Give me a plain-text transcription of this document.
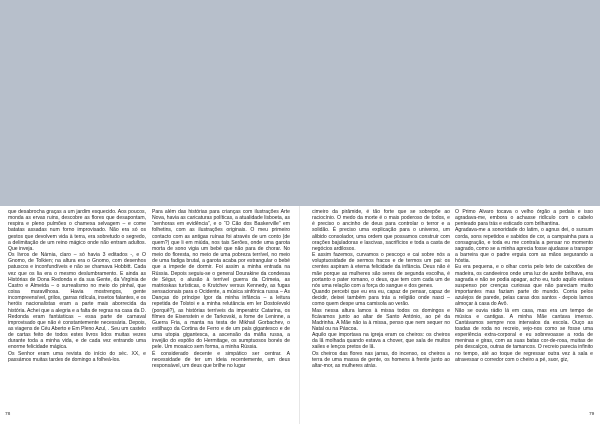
que desabrocha graças a um jardim esquecido. Aos poucos, monda as ervas ruins, descobre as flores que desapontam, respira e pleno pulmões o chamexa selvagem – e come batatas assadas num forno improvisado. Não era só os gestos que devolvem vida à terra, era sobretudo o segredo, a delimitação de um reino mágico onde não entram adultos. Que inveja.

Os livros de Nárnia, claro – só havia 3 editados -, e O Gnomo, de Tolkien; na altura era o Gnomo, com desenhos patuscos e inconfundíveis e não se chamava Hobbitt. Cada vez que os lia era o mesmo deslumbramento. E ainda as Histórias de Dona Redonda e da sua Gente, da Virgínia de Castro e Almeida – o surrealismo no meio do pinhal, que coisa maravilhosa. Havia mostrengos, gente incompreensível, grilos, garras ridícula, insetos falantes, e os heróis nacionalistas eram a parte mais aborrecida da história. Achei que a alegria e a falta de regras na casa da D. Redonda eram fantásticas – essa parte de carnaval improvisado que não é constantemente necessária. Depois, as viagens de Céu Aberto e Em Pleno Azul, . Seu um castelo de cartas feito de todos estes livros lidos muitas vezes durante toda a minha vida, e de cada vez entrando uma enorme felicidade mágica.

Os Senhor eram uma revista do início do séc. XX, e passámos muitas tardes de domingo a folheá-los.

Para além das histórias para crianças com ilustrações Arte Nova, havia as caricaturas políticas, a atualidade lisboeta, as “senhoras em evidência”, e o “O Cão dos Baskerville” em folhetins, com as ilustrações originais. O meu primeiro contacto com as antigas ruínas foi através de um conto (de quem?) que li em miúda, nos tais Serões, onde uma garota morta de sono vigia um bebé que não para de chorar. No meio do floresta, no meio de uma pobreza terrível, no meio de uma fadiga brutal, a garota acaba por estrangular o bebé que a impede de dormir. Foi assim a minha entrada na Rússia. Depois seguiu-se o general Dourakine da condessa de Ségur, o alusão à terrível guerra da Crimeia, as matrioskas turísticas, o Krutchev versus Kennedy, as fugas sensacionais para o Ocidente, a música sinfónica russa – As Danças do príncipe Igor da minha infância – a leitura repetida de Tolstoi e a minha relutância em ler Dostoïevski (porquê?), as histórias terríveis da imperatriz Catarina, os filmes de Eisenstein e de Tarkovski, a fome de Leninne, a Guerra Fria, a manta na testa de Mikhail Gorbachev, o estilhaço da Cortina de Ferro e de um país gigantesco e de uma utopia gigantesca, a ascensão da máfia russa, a invejão do espólio do Hermitage, os sumptuosos bonés de pele. Um mosaico sem forma, a minha Rússia.

É considerado decente e simpático ser centrar. A necessidade de ter um ideia recentemente, um deus responsável, um deus que brilhe no lugar

cimeiro da pirâmide, é tão forte que se sobrepõe ao raciocínio. O medo da morte é o mais poderoso de todos, e é preciso o ancinho de deus para controlar o terror e a solidão. É preciso uma explicação para o universo, um alibido consolador, uma ordem que possamos construir com orações bajuladoras e lascivas, sacrifícios e toda a casta de negócios ardilosos.

E assim fazemos, curvamos o pescoço e cai sobre nós a voluptuosidade de sermos fracos e de termos um pai: os crentes aspiram à eterna felicidade da infância. Deus não é mãe porque as mulheres são seres de segunda escolha, é portanto o pater romano, o deus, que tem com cada um de nós uma relação com a força do sangue e dos genes.

Quando percebi que eu era eu, capaz de pensar, capaz de decidir, deixei também para trás a religião onde nasci – como quem despe uma camisola ao verão.

Mas nessa altura lamos à missa todos os domingos e ficávamos junto ao altar de Santo António, ao pé da Madrinha. A Mãe não ia à missa, penso que nem sequer no Natal ou na Páscoa.

Aquilo que importava na igreja eram os cheiros: os cheiros da lã molhada quando estava a chover, que saía de muitos xailes e lenços pretos de lã.

Os cheiros das flores nas jarras, do incenso, os cheiros a terra de uma massa de gente, os homens à frente junto ao altar-mor, as mulheres atrás.

O Primo Álvaro tocava o velho órgão a pedais e isso agradava-me, embora o achasse ridículo com o cabelo penteado para trás e esticado com brilhantina.

Agradava-me a sonoridade do latim, o agnus dei, o sursum corda, sons repetidos e sabidos de cor, a campainha para a consagração, e toda eu me contraía a pensar no momento sagrado, como se a minha aprecia fosse ajudasse a transpor a barreira que o padre erguia com as mãos segurando a hóstia.

Eu era pequena, e o olhar corria pelo teto de caixotões de madeira, os candeeiros onde uma luz de azeite brilhava, era sagrada e não se podia apagar, acho eu, tudo aquilo estava suspenso por crenças curiosas que não pareciam muito importantes mas faziam parte do mundo. Corria pelos azulejos de parede, pelas caras dos santos - depois lamos almoçar à casa do Avô.

Não se ouvia rádio lá em casa, mas era um tempo de música e cantigas. A minha Mãe cantava imenso. Cantávamos sempre nos intervalos da escola. Ouço as toadas de roda no recreio, vejo-nos como se fosse uma experiência extra-corporal e eu sobrevoasse a roda de meninas e giras, com as suas batas cor-de-rosa, muitas de pés descalços, outras de tamancos. O recreio parecia infinito no tempo, até ao toque de regressar outra vez à sala e atravessar o corredor com o cheiro a pé, suor, giz,

78	79
